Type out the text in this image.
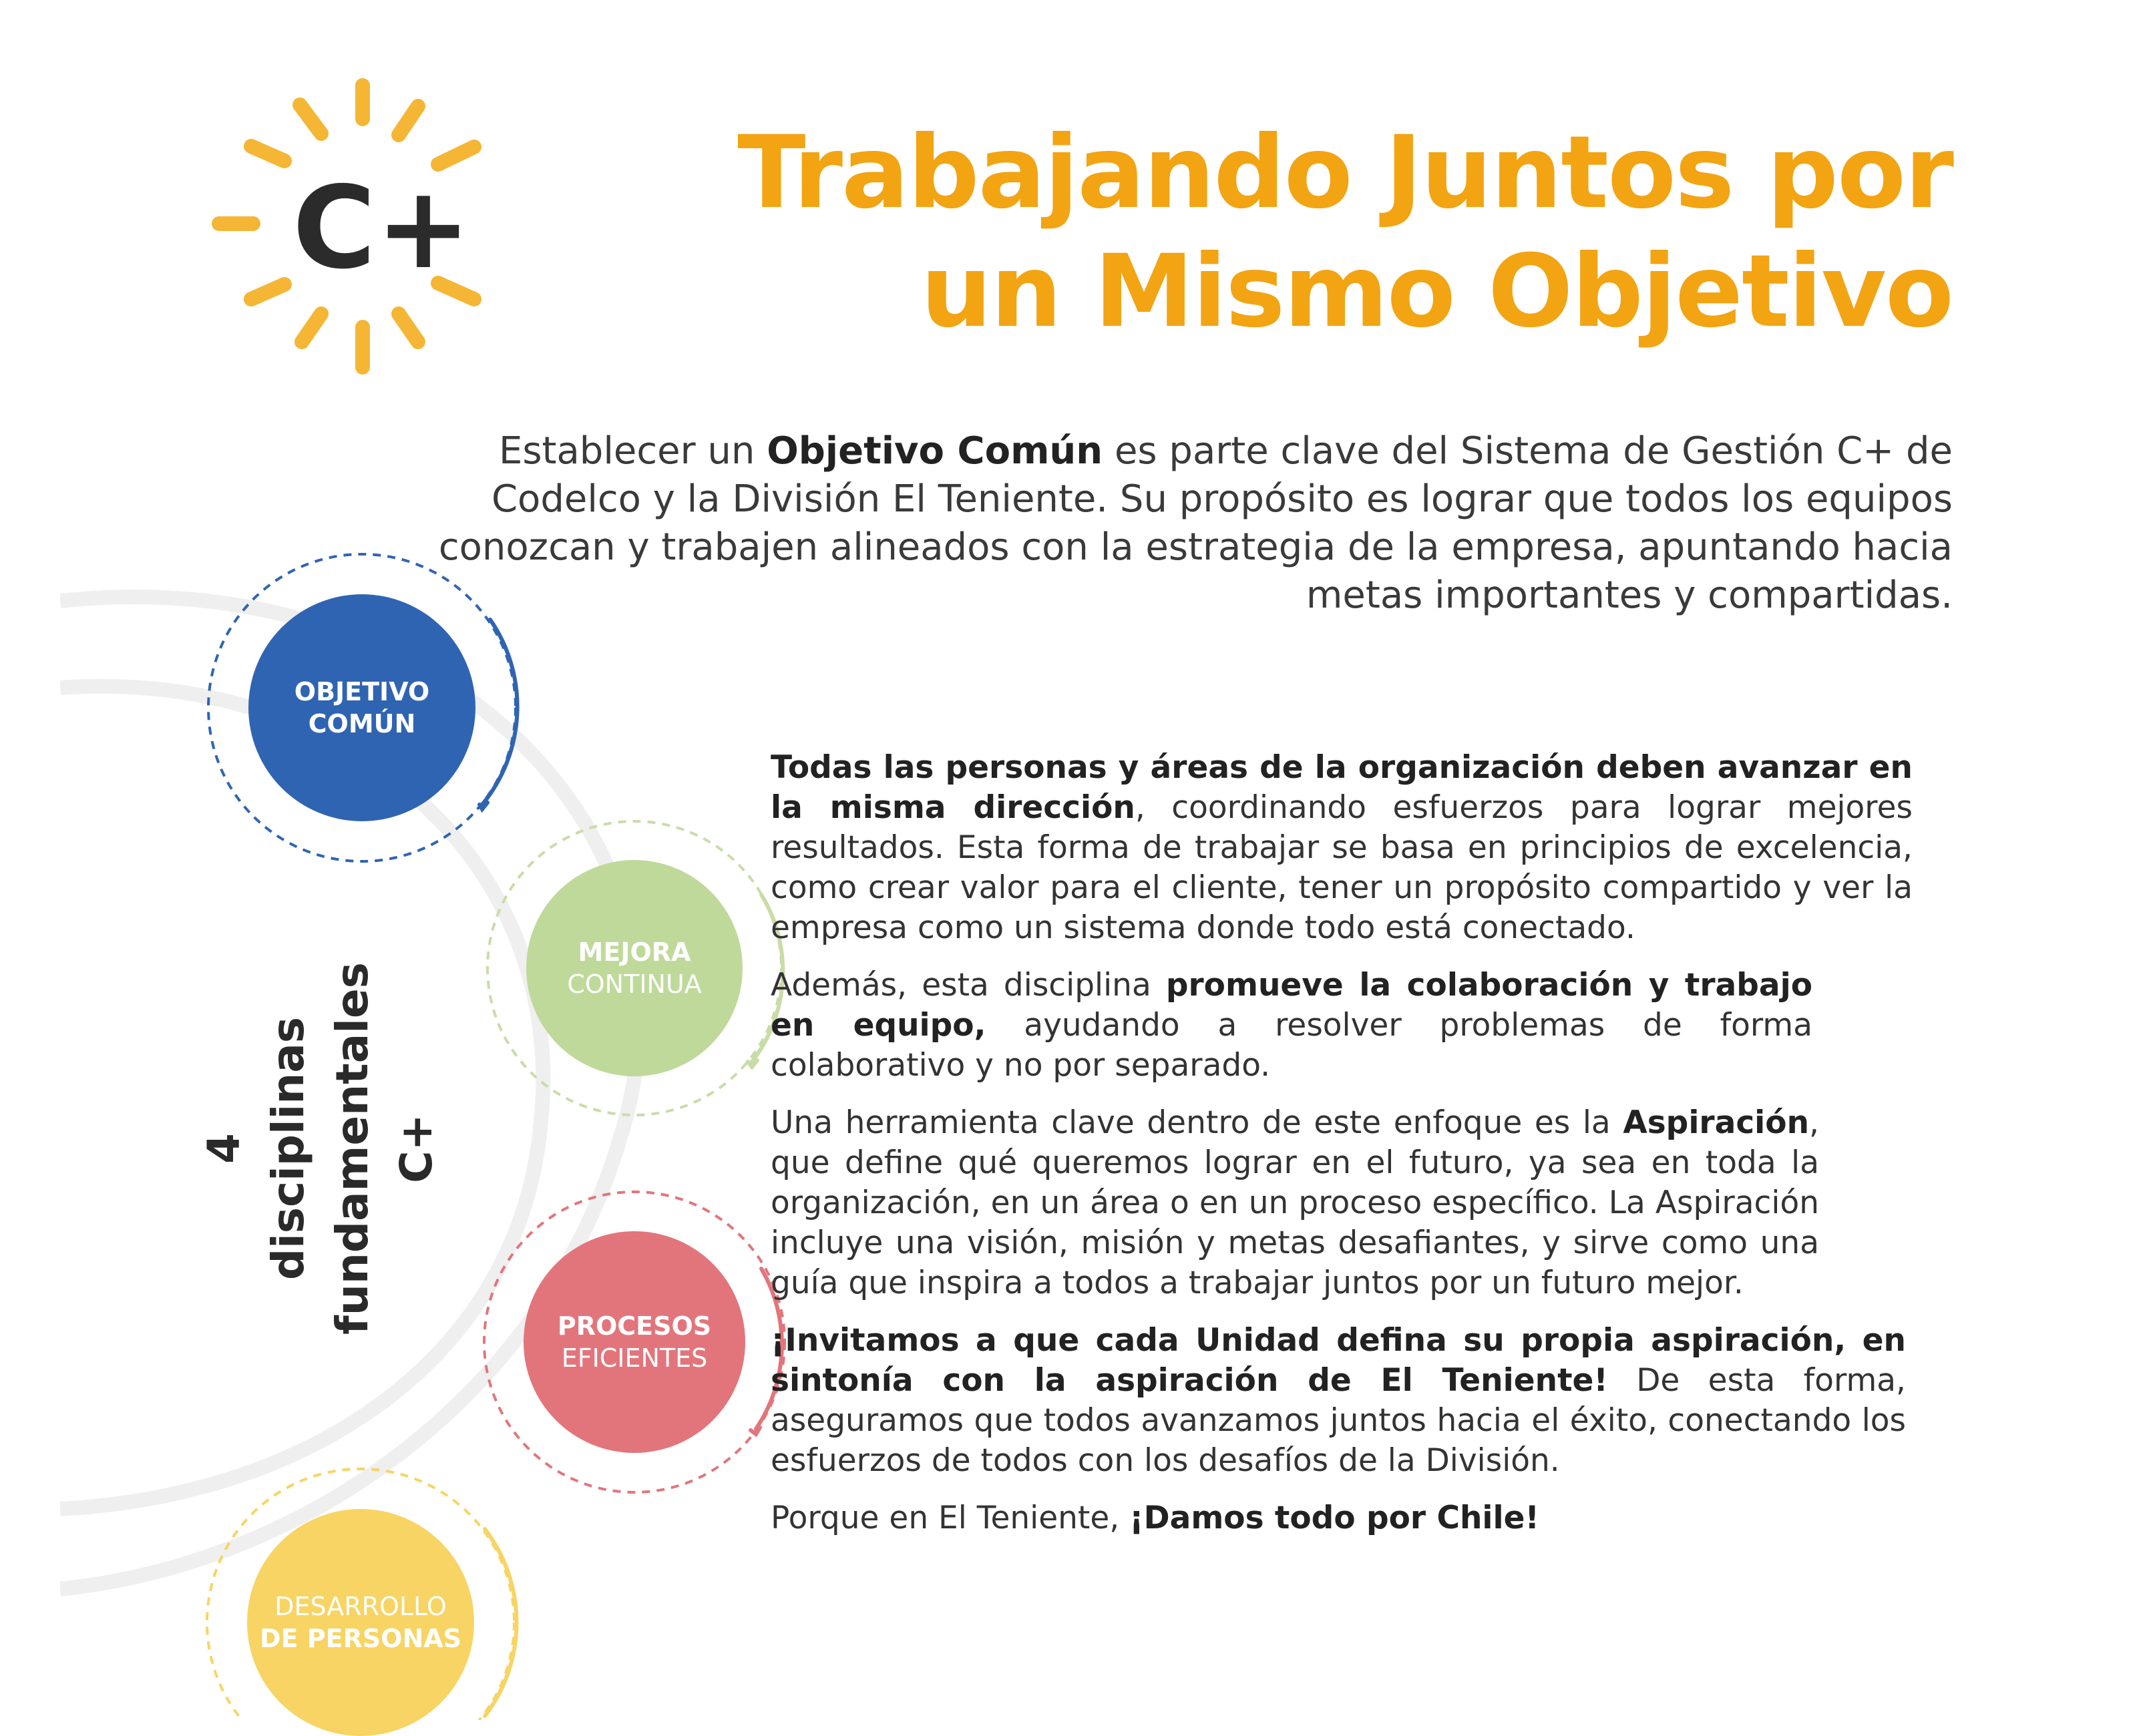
C+	Trabajando Juntos por
un Mismo Objetivo

Establecer un Objetivo Común es parte clave del Sistema de Gestión C+ de Codelco y la División El Teniente. Su propósito es lograr que todos los equipos conozcan y trabajen alineados con la estrategia de la empresa, apuntando hacia metas importantes y compartidas.

OBJETIVO
COMÚN
MEJORA
CONTINUA
PROCESOS
EFICIENTES
DESARROLLO
DE PERSONAS
4 disciplinas fundamentales C+

Todas las personas y áreas de la organización deben avanzar en la misma dirección, coordinando esfuerzos para lograr mejores resultados. Esta forma de trabajar se basa en principios de excelencia, como crear valor para el cliente, tener un propósito compartido y ver la empresa como un sistema donde todo está conectado.

Además, esta disciplina promueve la colaboración y trabajo en equipo, ayudando a resolver problemas de forma colaborativo y no por separado.

Una herramienta clave dentro de este enfoque es la Aspiración, que define qué queremos lograr en el futuro, ya sea en toda la organización, en un área o en un proceso específico. La Aspiración incluye una visión, misión y metas desafiantes, y sirve como una guía que inspira a todos a trabajar juntos por un futuro mejor.

¡Invitamos a que cada Unidad defina su propia aspiración, en sintonía con la aspiración de El Teniente! De esta forma, aseguramos que todos avanzamos juntos hacia el éxito, conectando los esfuerzos de todos con los desafíos de la División.

Porque en El Teniente, ¡Damos todo por Chile!
